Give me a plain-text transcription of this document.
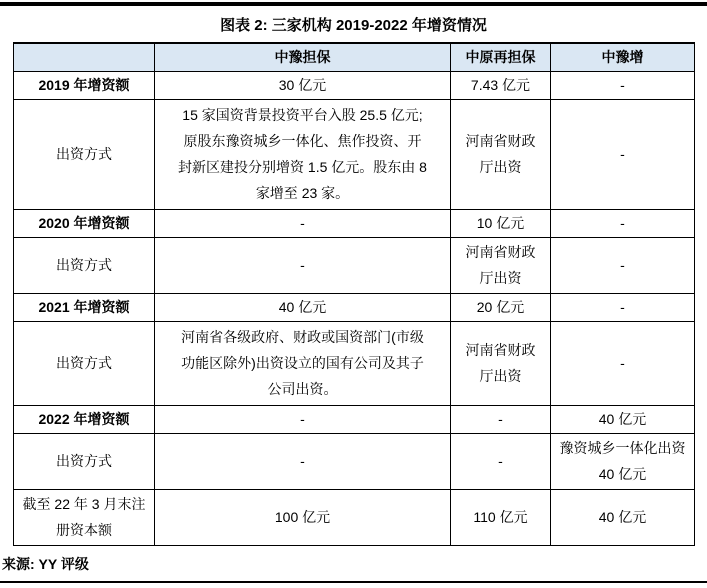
图表 2: 三家机构 2019-2022 年增资情况
	中豫担保	中原再担保	中豫增
2019 年增资额	30 亿元	7.43 亿元	-
出资方式	15 家国资背景投资平台入股 25.5 亿元;原股东豫资城乡一体化、焦作投资、开封新区建投分别增资 1.5 亿元。股东由 8 家增至 23 家。	河南省财政厅出资	-
2020 年增资额	-	10 亿元	-
出资方式	-	河南省财政厅出资	-
2021 年增资额	40 亿元	20 亿元	-
出资方式	河南省各级政府、财政或国资部门(市级功能区除外)出资设立的国有公司及其子公司出资。	河南省财政厅出资	-
2022 年增资额	-	-	40 亿元
出资方式	-	-	豫资城乡一体化出资 40 亿元
截至 22 年 3 月末注册资本额	100 亿元	110 亿元	40 亿元
来源: YY 评级
